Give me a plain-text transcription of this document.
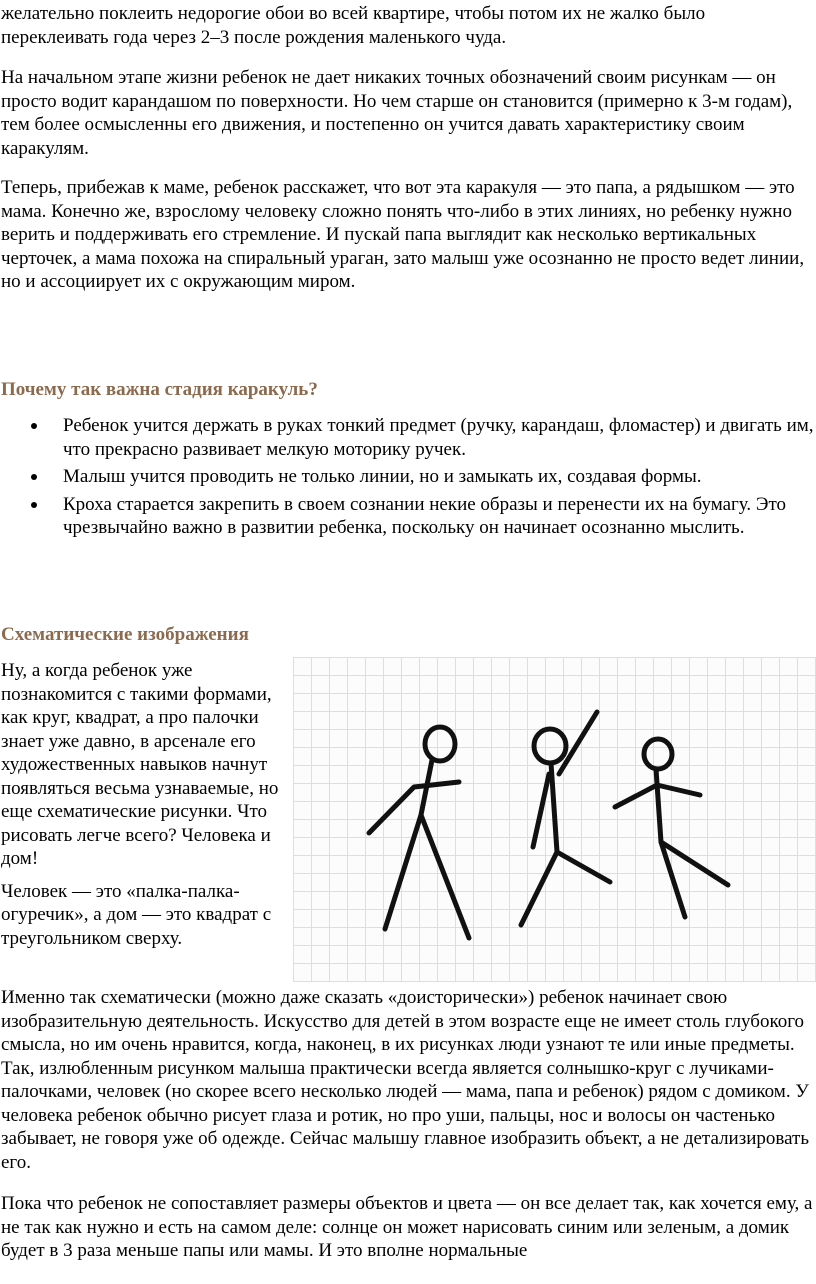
желательно поклеить недорогие обои во всей квартире, чтобы потом их не жалко было переклеивать года через 2–3 после рождения маленького чуда.

На начальном этапе жизни ребенок не дает никаких точных обозначений своим рисункам — он просто водит карандашом по поверхности. Но чем старше он становится (примерно к 3-м годам), тем более осмысленны его движения, и постепенно он учится давать характеристику своим каракулям.

Теперь, прибежав к маме, ребенок расскажет, что вот эта каракуля — это папа, а рядышком — это мама. Конечно же, взрослому человеку сложно понять что-либо в этих линиях, но ребенку нужно верить и поддерживать его стремление. И пускай папа выглядит как несколько вертикальных черточек, а мама похожа на спиральный ураган, зато малыш уже осознанно не просто ведет линии, но и ассоциирует их с окружающим миром.

Почему так важна стадия каракуль?
Ребенок учится держать в руках тонкий предмет (ручку, карандаш, фломастер) и двигать им, что прекрасно развивает мелкую моторику ручек.
Малыш учится проводить не только линии, но и замыкать их, создавая формы.
Кроха старается закрепить в своем сознании некие образы и перенести их на бумагу. Это чрезвычайно важно в развитии ребенка, поскольку он начинает осознанно мыслить.
Схематические изображения

Ну, а когда ребенок уже познакомится с такими формами, как круг, квадрат, а про палочки знает уже давно, в арсенале его художественных навыков начнут появляться весьма узнаваемые, но еще схематические рисунки. Что рисовать легче всего? Человека и дом!

Человек — это «палка-палка-огуречик», а дом — это квадрат с треугольником сверху.

Именно так схематически (можно даже сказать «доисторически») ребенок начинает свою изобразительную деятельность. Искусство для детей в этом возрасте еще не имеет столь глубокого смысла, но им очень нравится, когда, наконец, в их рисунках люди узнают те или иные предметы. Так, излюбленным рисунком малыша практически всегда является солнышко-круг с лучиками-палочками, человек (но скорее всего несколько людей — мама, папа и ребенок) рядом с домиком. У человека ребенок обычно рисует глаза и ротик, но про уши, пальцы, нос и волосы он частенько забывает, не говоря уже об одежде. Сейчас малышу главное изобразить объект, а не детализировать его.

Пока что ребенок не сопоставляет размеры объектов и цвета — он все делает так, как хочется ему, а не так как нужно и есть на самом деле: солнце он может нарисовать синим или зеленым, а домик будет в 3 раза меньше папы или мамы. И это вполне нормальные
